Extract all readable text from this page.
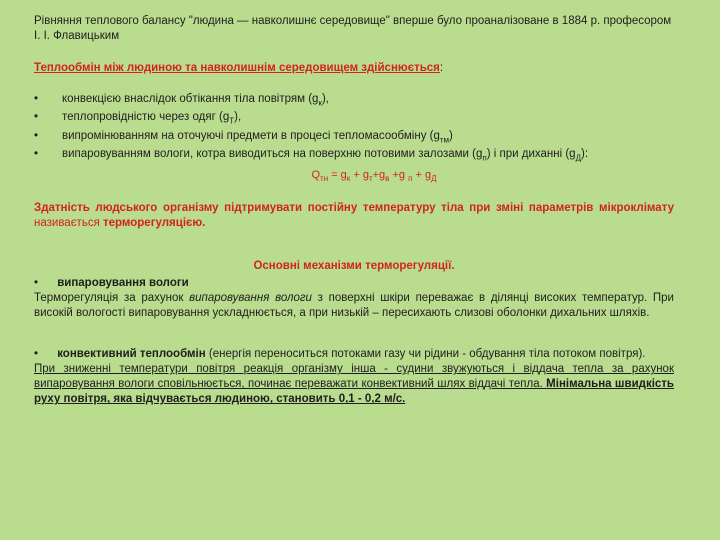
Рівняння теплового балансу "людина — навколишнє середовище" вперше було проаналізоване в 1884 р. професором І. І. Флавицьким

Теплообмін між людиною та навколишнім середовищем здійснюється:

• конвекцією внаслідок обтікання тіла повітрям $(g_к)$,
• теплопровідністю через одяг $(g_Т)$,
• випромінюванням на оточуючі предмети в процесі тепломасообміну $(g_{тм})$
• випаровуванням вологи, котра виводиться на поверхню потовими залозами $(g_п)$ і при диханні $(g_Д)$:

$Q_{тн} = g_к + g_т+g_в +g$ $_п + g_Д$

Здатність людського організму підтримувати постійну температуру тіла при зміні параметрів мікроклімату називається терморегуляцією.

Основні механізми терморегуляції.

• випаровування вологи

Терморегуляція за рахунок випаровування вологи з поверхні шкіри переважає в ділянці високих температур. При високій вологості випаровування ускладнюється, а при низькій – пересихають слизові оболонки дихальних шляхів.

• конвективний теплообмін (енергія переноситься потоками газу чи рідини - обдування тіла потоком повітря).

При зниженні температури повітря реакція організму інша - судини звужуються і віддача тепла за рахунок випаровування вологи сповільнюється, починає переважати конвективний шлях віддачі тепла. Мінімальна швидкість руху повітря, яка відчувається людиною, становить 0,1 - 0,2 м/с.
